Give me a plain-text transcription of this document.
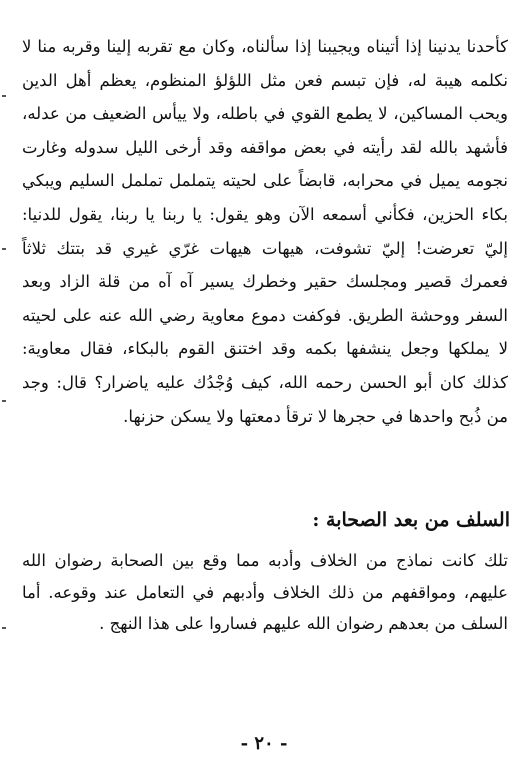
كأحدنا يدنينا إذا أتيناه ويجيبنا إذا سألناه، وكان مع تقربه إلينا وقربه منا لا نكلمه هيبة له، فإن تبسم فعن مثل اللؤلؤ المنظوم، يعظم أهل الدين ويحب المساكين، لا يطمع القوي في باطله، ولا ييأس الضعيف من عدله، فأشهد بالله لقد رأيته في بعض مواقفه وقد أرخى الليل سدوله وغارت نجومه يميل في محرابه، قابضاً على لحيته يتململ تململ السليم ويبكي بكاء الحزين، فكأني أسمعه الآن وهو يقول: يا ربنا يا ربنا، يقول للدنيا: إليّ تعرضت! إليّ تشوفت، هيهات هيهات غرّي غيري قد بتتك ثلاثاً فعمرك قصير ومجلسك حقير وخطرك يسير آه آه من قلة الزاد وبعد السفر ووحشة الطريق. فوكفت دموع معاوية رضي الله عنه على لحيته لا يملكها وجعل ينشفها بكمه وقد اختنق القوم بالبكاء، فقال معاوية: كذلك كان أبو الحسن رحمه الله، كيف وُجْدُك عليه ياضرار؟ قال: وجد من ذُبح واحدها في حجرها لا ترقأ دمعتها ولا يسكن حزنها.
السلف من بعد الصحابة :
تلك كانت نماذج من الخلاف وأدبه مما وقع بين الصحابة رضوان الله عليهم، ومواقفهم من ذلك الخلاف وأدبهم في التعامل عند وقوعه. أما السلف من بعدهم رضوان الله عليهم فساروا على هذا النهج .
- ٢٠ -
